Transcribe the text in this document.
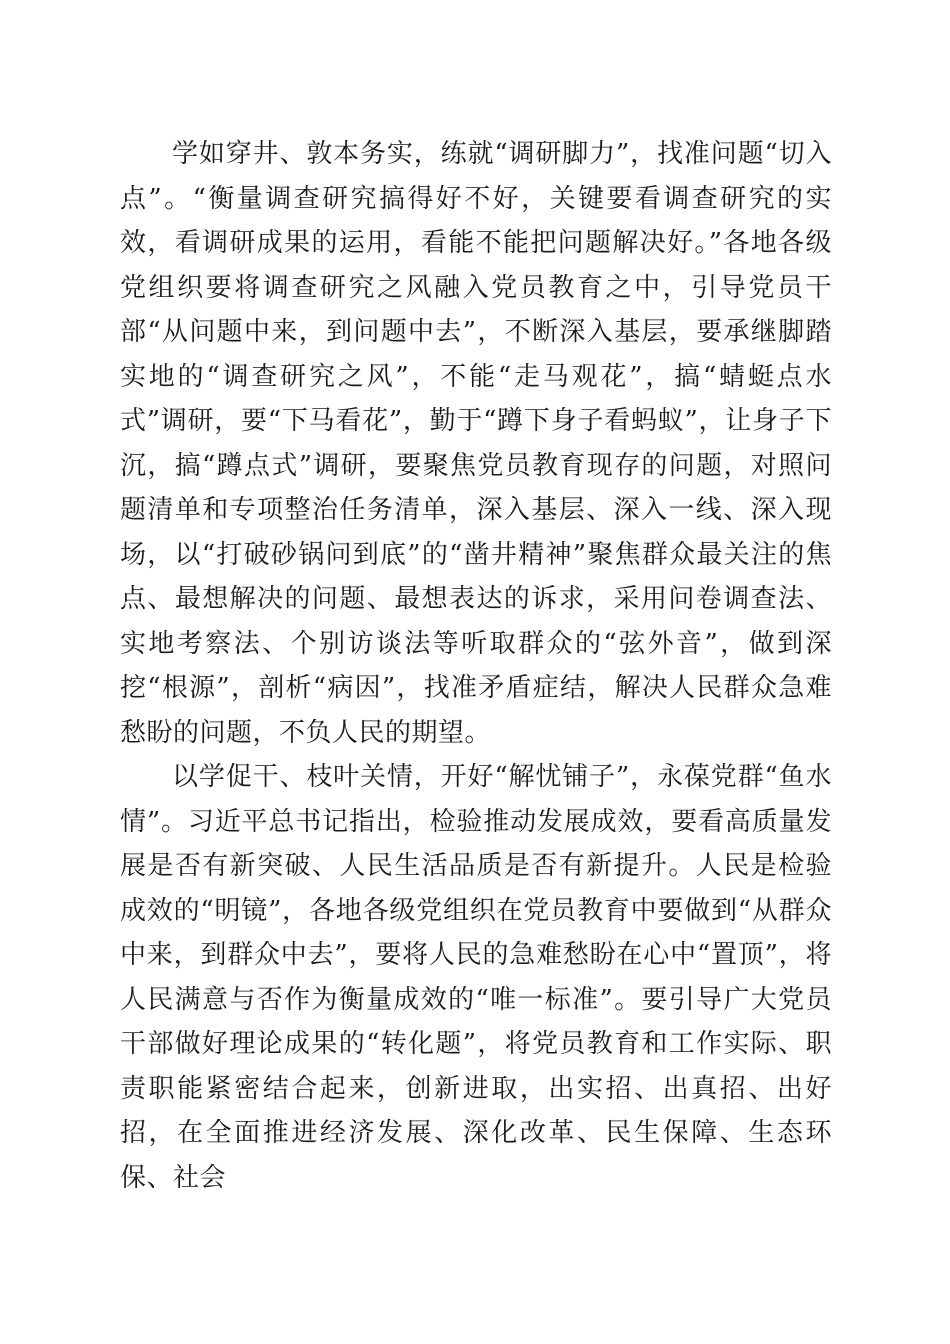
学如穿井、敦本务实，练就“调研脚力”，找准问题“切入点”。“衡量调查研究搞得好不好，关键要看调查研究的实效，看调研成果的运用，看能不能把问题解决好。”各地各级党组织要将调查研究之风融入党员教育之中，引导党员干部“从问题中来，到问题中去”，不断深入基层，要承继脚踏实地的“调查研究之风”，不能“走马观花”，搞“蜻蜓点水式”调研，要“下马看花”，勤于“蹲下身子看蚂蚁”，让身子下沉，搞“蹲点式”调研，要聚焦党员教育现存的问题，对照问题清单和专项整治任务清单，深入基层、深入一线、深入现场，以“打破砂锅问到底”的“凿井精神”聚焦群众最关注的焦点、最想解决的问题、最想表达的诉求，采用问卷调查法、实地考察法、个别访谈法等听取群众的“弦外音”，做到深挖“根源”，剖析“病因”，找准矛盾症结，解决人民群众急难愁盼的问题，不负人民的期望。

以学促干、枝叶关情，开好“解忧铺子”，永葆党群“鱼水情”。习近平总书记指出，检验推动发展成效，要看高质量发展是否有新突破、人民生活品质是否有新提升。人民是检验成效的“明镜”，各地各级党组织在党员教育中要做到“从群众中来，到群众中去”，要将人民的急难愁盼在心中“置顶”，将人民满意与否作为衡量成效的“唯一标准”。要引导广大党员干部做好理论成果的“转化题”，将党员教育和工作实际、职责职能紧密结合起来，创新进取，出实招、出真招、出好招，在全面推进经济发展、深化改革、民生保障、生态环保、社会
